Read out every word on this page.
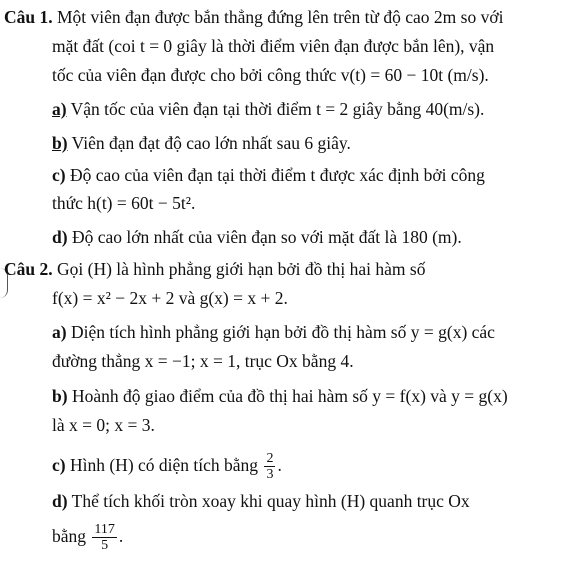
Câu 1. Một viên đạn được bắn thẳng đứng lên trên từ độ cao 2m so với
mặt đất (coi t = 0 giây là thời điểm viên đạn được bắn lên), vận
tốc của viên đạn được cho bởi công thức v(t) = 60 − 10t (m/s).
a) Vận tốc của viên đạn tại thời điểm t = 2 giây bằng 40(m/s).
b) Viên đạn đạt độ cao lớn nhất sau 6 giây.
c) Độ cao của viên đạn tại thời điểm t được xác định bởi công
thức h(t) = 60t − 5t².
d) Độ cao lớn nhất của viên đạn so với mặt đất là 180 (m).
Câu 2. Gọi (H) là hình phẳng giới hạn bởi đồ thị hai hàm số
f(x) = x² − 2x + 2 và g(x) = x + 2.
a) Diện tích hình phẳng giới hạn bởi đồ thị hàm số y = g(x) các
đường thẳng x = −1; x = 1, trục Ox bằng 4.
b) Hoành độ giao điểm của đồ thị hai hàm số y = f(x) và y = g(x)
là x = 0; x = 3.
c) Hình (H) có diện tích bằng $\frac{2}{3}$ .
d) Thể tích khối tròn xoay khi quay hình (H) quanh trục Ox
bằng $\frac{117}{5}$ .
